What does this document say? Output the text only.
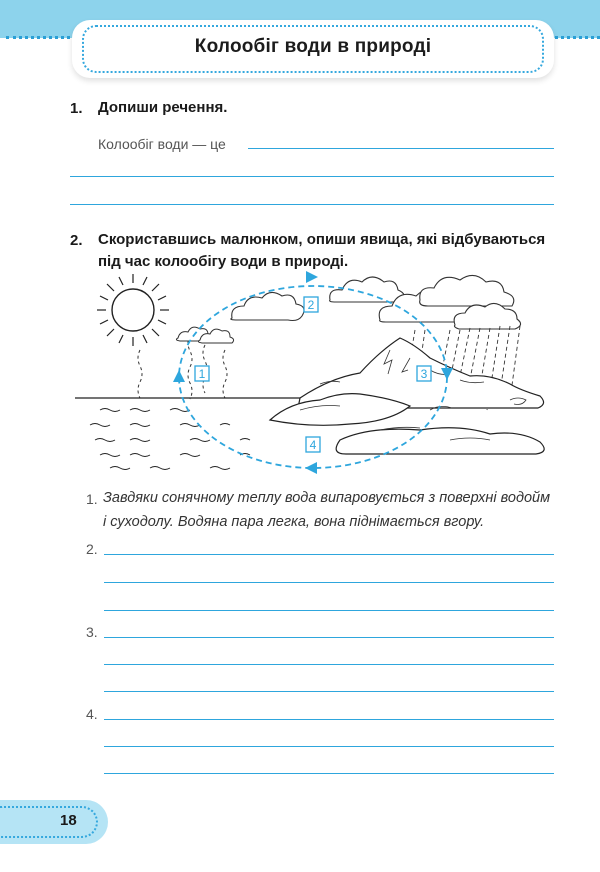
Колообіг води в природі
1. Допиши речення.
Колообіг води — це
2. Скориставшись малюнком, опиши явища, які відбуваються
під час колообігу води в природі.
1
2
3
4
1. Завдяки сонячному теплу вода випаровується з поверхні водойм
і суходолу. Водяна пара легка, вона піднімається вгору.
2.
3.
4.
18
